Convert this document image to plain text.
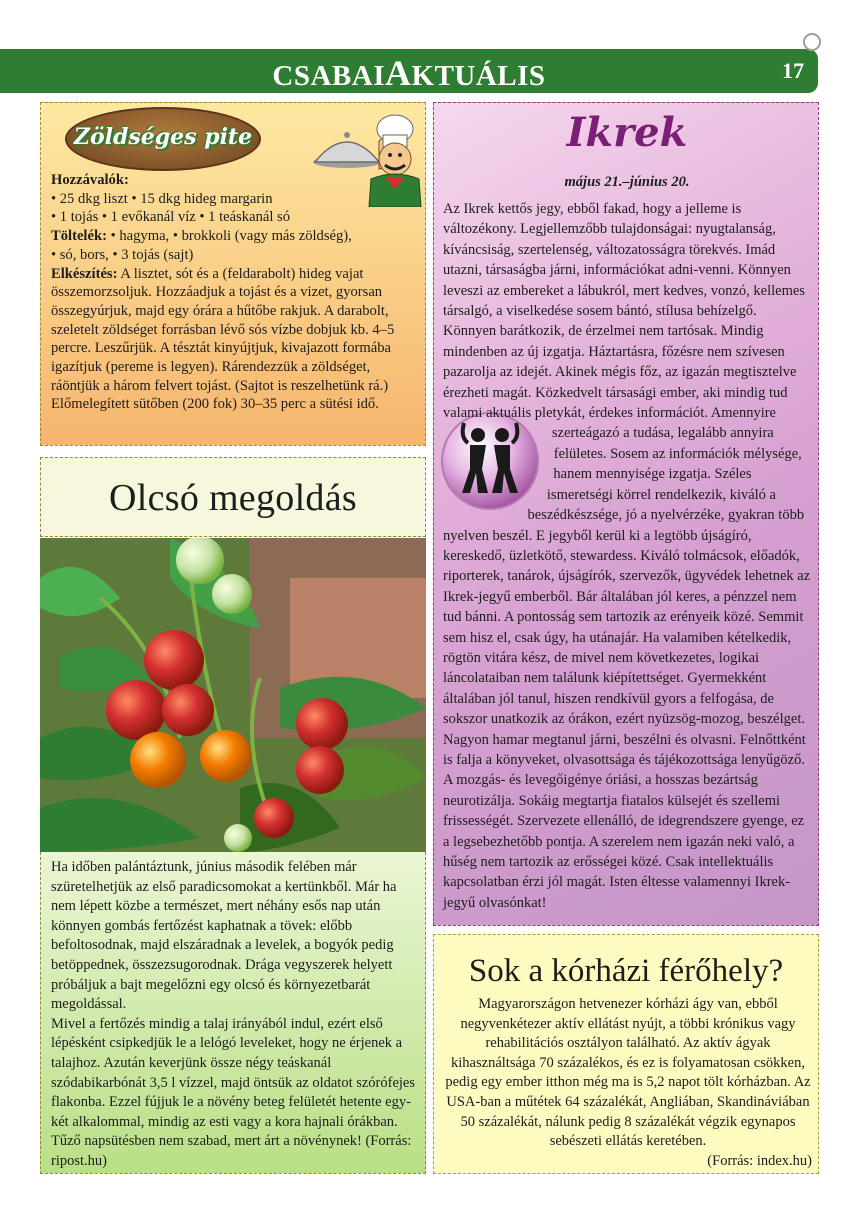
CSABAIAKTUÁLIS	17
Zöldséges pite

Hozzávalók:

• 25 dkg liszt • 15 dkg hideg margarin

• 1 tojás • 1 evőkanál víz • 1 teáskanál só

Töltelék: • hagyma, • brokkoli (vagy más zöldség),

• só, bors, • 3 tojás (sajt)

Elkészítés: A lisztet, sót és a (feldarabolt) hideg vajat összemorzsoljuk. Hozzáadjuk a tojást és a vizet, gyorsan összegyúrjuk, majd egy órára a hűtőbe rakjuk. A darabolt, szeletelt zöldséget forrásban lévő sós vízbe dobjuk kb. 4–5 percre. Leszűrjük. A tésztát kinyújtjuk, kivajazott formába igazítjuk (pereme is legyen). Rárendezzük a zöldséget, ráöntjük a három felvert tojást. (Sajtot is reszelhetünk rá.) Előmelegített sütőben (200 fok) 30–35 perc a sütési idő.

Olcsó megoldás

Ha időben palántáztunk, június második felében már szüretelhetjük az első paradicsomokat a kertünkből. Már ha nem lépett közbe a természet, mert néhány esős nap után könnyen gombás fertőzést kaphatnak a tövek: előbb befoltosodnak, majd elszáradnak a levelek, a bogyók pedig betöppednek, összezsugorodnak. Drága vegyszerek helyett próbáljuk a bajt megelőzni egy olcsó és környezetbarát megoldással.

Mivel a fertőzés mindig a talaj irányából indul, ezért első lépésként csipkedjük le a lelógó leveleket, hogy ne érjenek a talajhoz. Azután keverjünk össze négy teáskanál szódabikarbónát 3,5 l vízzel, majd öntsük az oldatot szórófejes flakonba. Ezzel fújjuk le a növény beteg felületét hetente egy-két alkalommal, mindig az esti vagy a kora hajnali órákban. Tűző napsütésben nem szabad, mert árt a növénynek! (Forrás: ripost.hu)

Ikrek
május 21.–június 20.

Az Ikrek kettős jegy, ebből fakad, hogy a jelleme is változékony. Legjellemzőbb tulajdonságai: nyugtalanság, kíváncsiság, szertelenség, változatosságra törekvés. Imád utazni, társaságba járni, információkat adni-venni. Könnyen leveszi az embereket a lábukról, mert kedves, vonzó, kellemes társalgó, a viselkedése sosem bántó, stílusa behízelgő. Könnyen barátkozik, de érzelmei nem tartósak. Mindig mindenben az új izgatja. Háztartásra, főzésre nem szívesen pazarolja az idejét. Akinek mégis főz, az igazán megtisztelve érezheti magát. Közkedvelt társasági ember, aki mindig tud valami aktuális pletykát, érdekes információt. Amennyire szerteágazó a tudása, legalább annyira felületes. Sosem az információk mélysége, hanem mennyisége izgatja. Széles ismeretségi körrel rendelkezik, kiváló a beszédkészsége, jó a nyelvérzéke, gyakran több nyelven beszél. E jegyből kerül ki a legtöbb újságíró, kereskedő, üzletkötő, stewardess. Kiváló tolmácsok, előadók, riporterek, tanárok, újságírók, szervezők, ügyvédek lehetnek az Ikrek-jegyű emberből. Bár általában jól keres, a pénzzel nem tud bánni. A pontosság sem tartozik az erényeik közé. Semmit sem hisz el, csak úgy, ha utánajár. Ha valamiben kételkedik, rögtön vitára kész, de mivel nem következetes, logikai láncolataiban nem találunk kiépítettséget. Gyermekként általában jól tanul, hiszen rendkívül gyors a felfogása, de sokszor unatkozik az órákon, ezért nyüzsög-mozog, beszélget. Nagyon hamar megtanul járni, beszélni és olvasni. Felnőttként is falja a könyveket, olvasottsága és tájékozottsága lenyűgöző. A mozgás- és levegőigénye óriási, a hosszas bezártság neurotizálja. Sokáig megtartja fiatalos külsejét és szellemi frissességét. Szervezete ellenálló, de idegrendszere gyenge, ez a legsebezhetőbb pontja. A szerelem nem igazán neki való, a hűség nem tartozik az erősségei közé. Csak intellektuális kapcsolatban érzi jól magát. Isten éltesse valamennyi Ikrek-jegyű olvasónkat!

Sok a kórházi férőhely?

Magyarországon hetvenezer kórházi ágy van, ebből negyvenkétezer aktív ellátást nyújt, a többi krónikus vagy rehabilitációs osztályon található. Az aktív ágyak kihasználtsága 70 százalékos, és ez is folyamatosan csökken, pedig egy ember itthon még ma is 5,2 napot tölt kórházban. Az USA-ban a műtétek 64 százalékát, Angliában, Skandináviában 50 százalékát, nálunk pedig 8 százalékát végzik egynapos sebészeti ellátás keretében.

(Forrás: index.hu)
